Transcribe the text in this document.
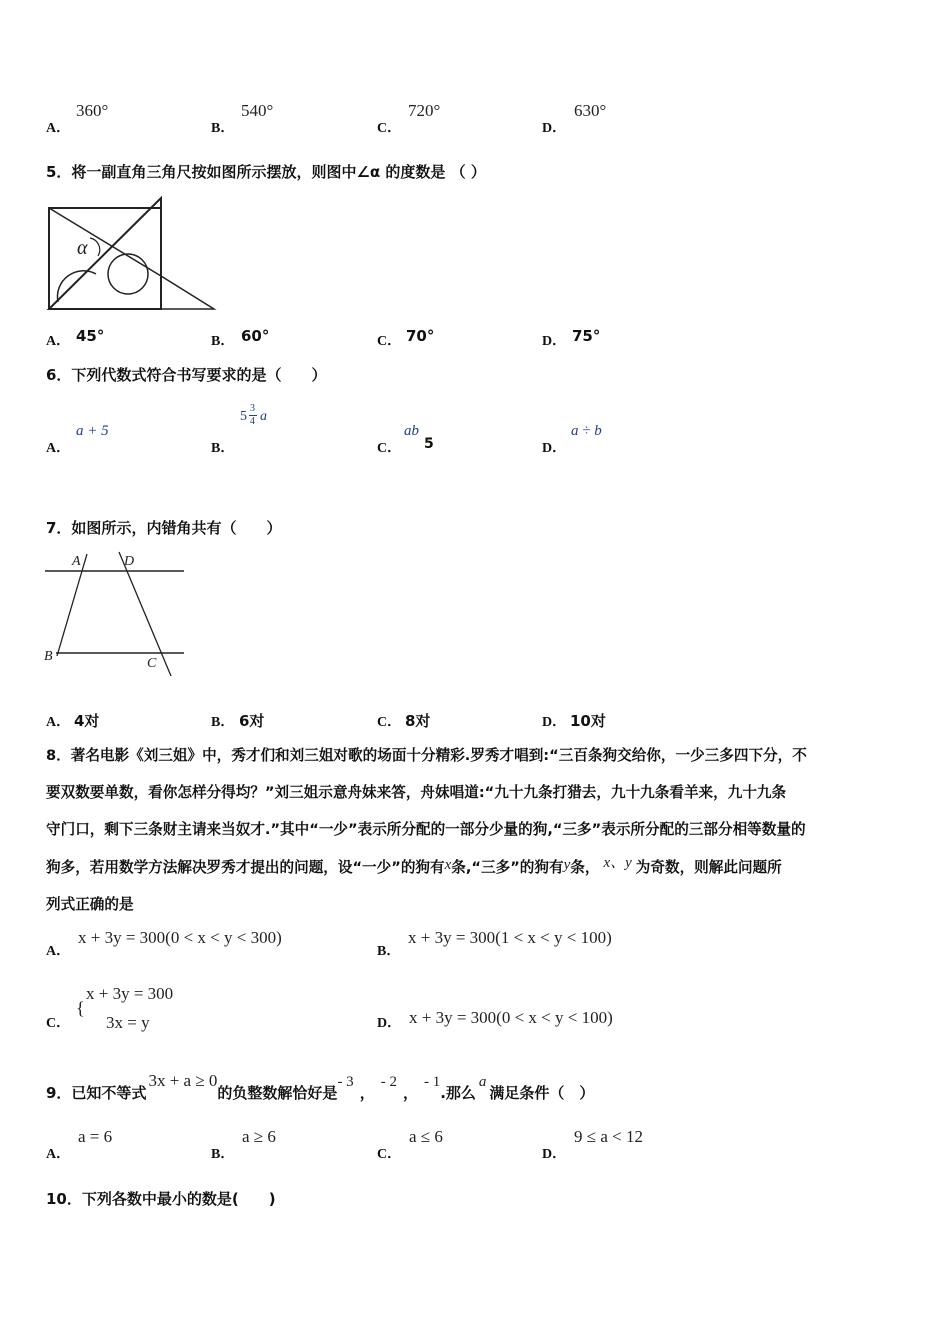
A．
360°
B．
540°
C．
720°
D．
630°
5．将一副直角三角尺按如图所示摆放，则图中∠α 的度数是 （ ）
α
A． 45°	B． 60°	C． 70°	D． 75°
6．下列代数式符合书写要求的是（　　）
A．
a + 5
B．
5
3
4 a
C．
ab
5	D．
a ÷ b
7．如图所示，内错角共有（　　）
A	D
B	C
A． 4对	B． 6对	C． 8对	D． 10对
8．著名电影《刘三姐》中，秀才们和刘三姐对歌的场面十分精彩.罗秀才唱到:“三百条狗交给你，一少三多四下分，不
要双数要单数，看你怎样分得均？”刘三姐示意舟妹来答，舟妹唱道:“九十九条打猎去，九十九条看羊来，九十九条
守门口，剩下三条财主请来当奴才.”其中“一少”表示所分配的一部分少量的狗,“三多”表示所分配的三部分相等数量的
狗多，若用数学方法解决罗秀才提出的问题，设“一少”的狗有x条,“三多”的狗有y条， x、y 为奇数，则解此问题所
列式正确的是
A．
x + 3y = 300(0 < x < y < 300)
B．
x + 3y = 300(1 < x < y < 100)
C．
{
x + 3y = 300
3x = y	D． x + 3y = 300(0 < x < y < 100)
9．已知不等式3x + a ≥ 0的负整数解恰好是- 3，- 2，- 1.那么a满足条件（　）
A．
a = 6
B．
a ≥ 6
C．
a ≤ 6
D．
9 ≤ a < 12
10．下列各数中最小的数是(　　)
